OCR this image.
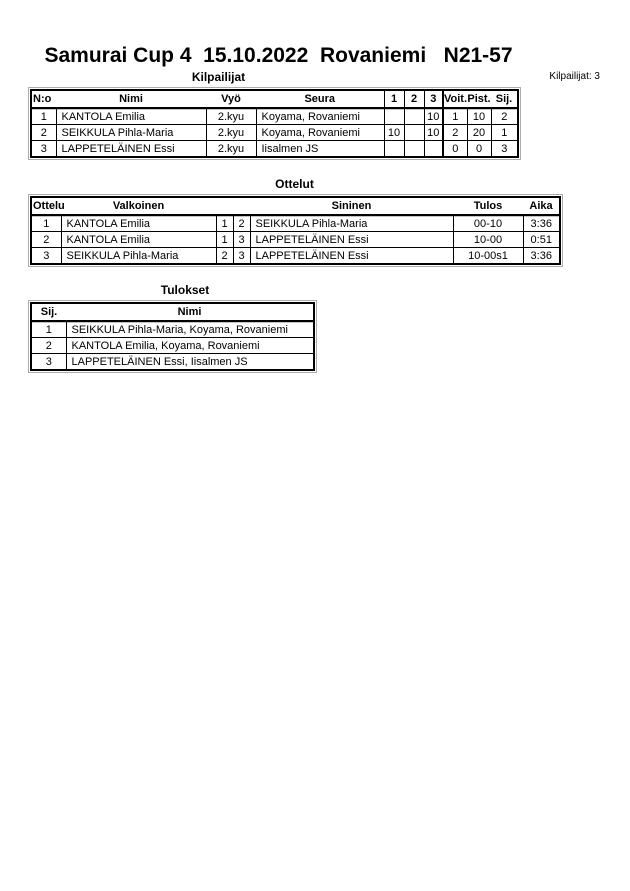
Samurai Cup 4  15.10.2022  Rovaniemi   N21-57
Kilpailijat	Kilpailijat: 3
N:o	Nimi	Vyö	Seura	1	2	3	Voit.	Pist.	Sij.
1	KANTOLA Emilia	2.kyu	Koyama, Rovaniemi			10	1	10	2
2	SEIKKULA Pihla-Maria	2.kyu	Koyama, Rovaniemi	10		10	2	20	1
3	LAPPETELÄINEN Essi	2.kyu	Iisalmen JS				0	0	3
Ottelut
Ottelu	Valkoinen			Sininen	Tulos	Aika
1	KANTOLA Emilia	1	2	SEIKKULA Pihla-Maria	00-10	3:36
2	KANTOLA Emilia	1	3	LAPPETELÄINEN Essi	10-00	0:51
3	SEIKKULA Pihla-Maria	2	3	LAPPETELÄINEN Essi	10-00s1	3:36
Tulokset
Sij.	Nimi
1	SEIKKULA Pihla-Maria, Koyama, Rovaniemi
2	KANTOLA Emilia, Koyama, Rovaniemi
3	LAPPETELÄINEN Essi, Iisalmen JS
